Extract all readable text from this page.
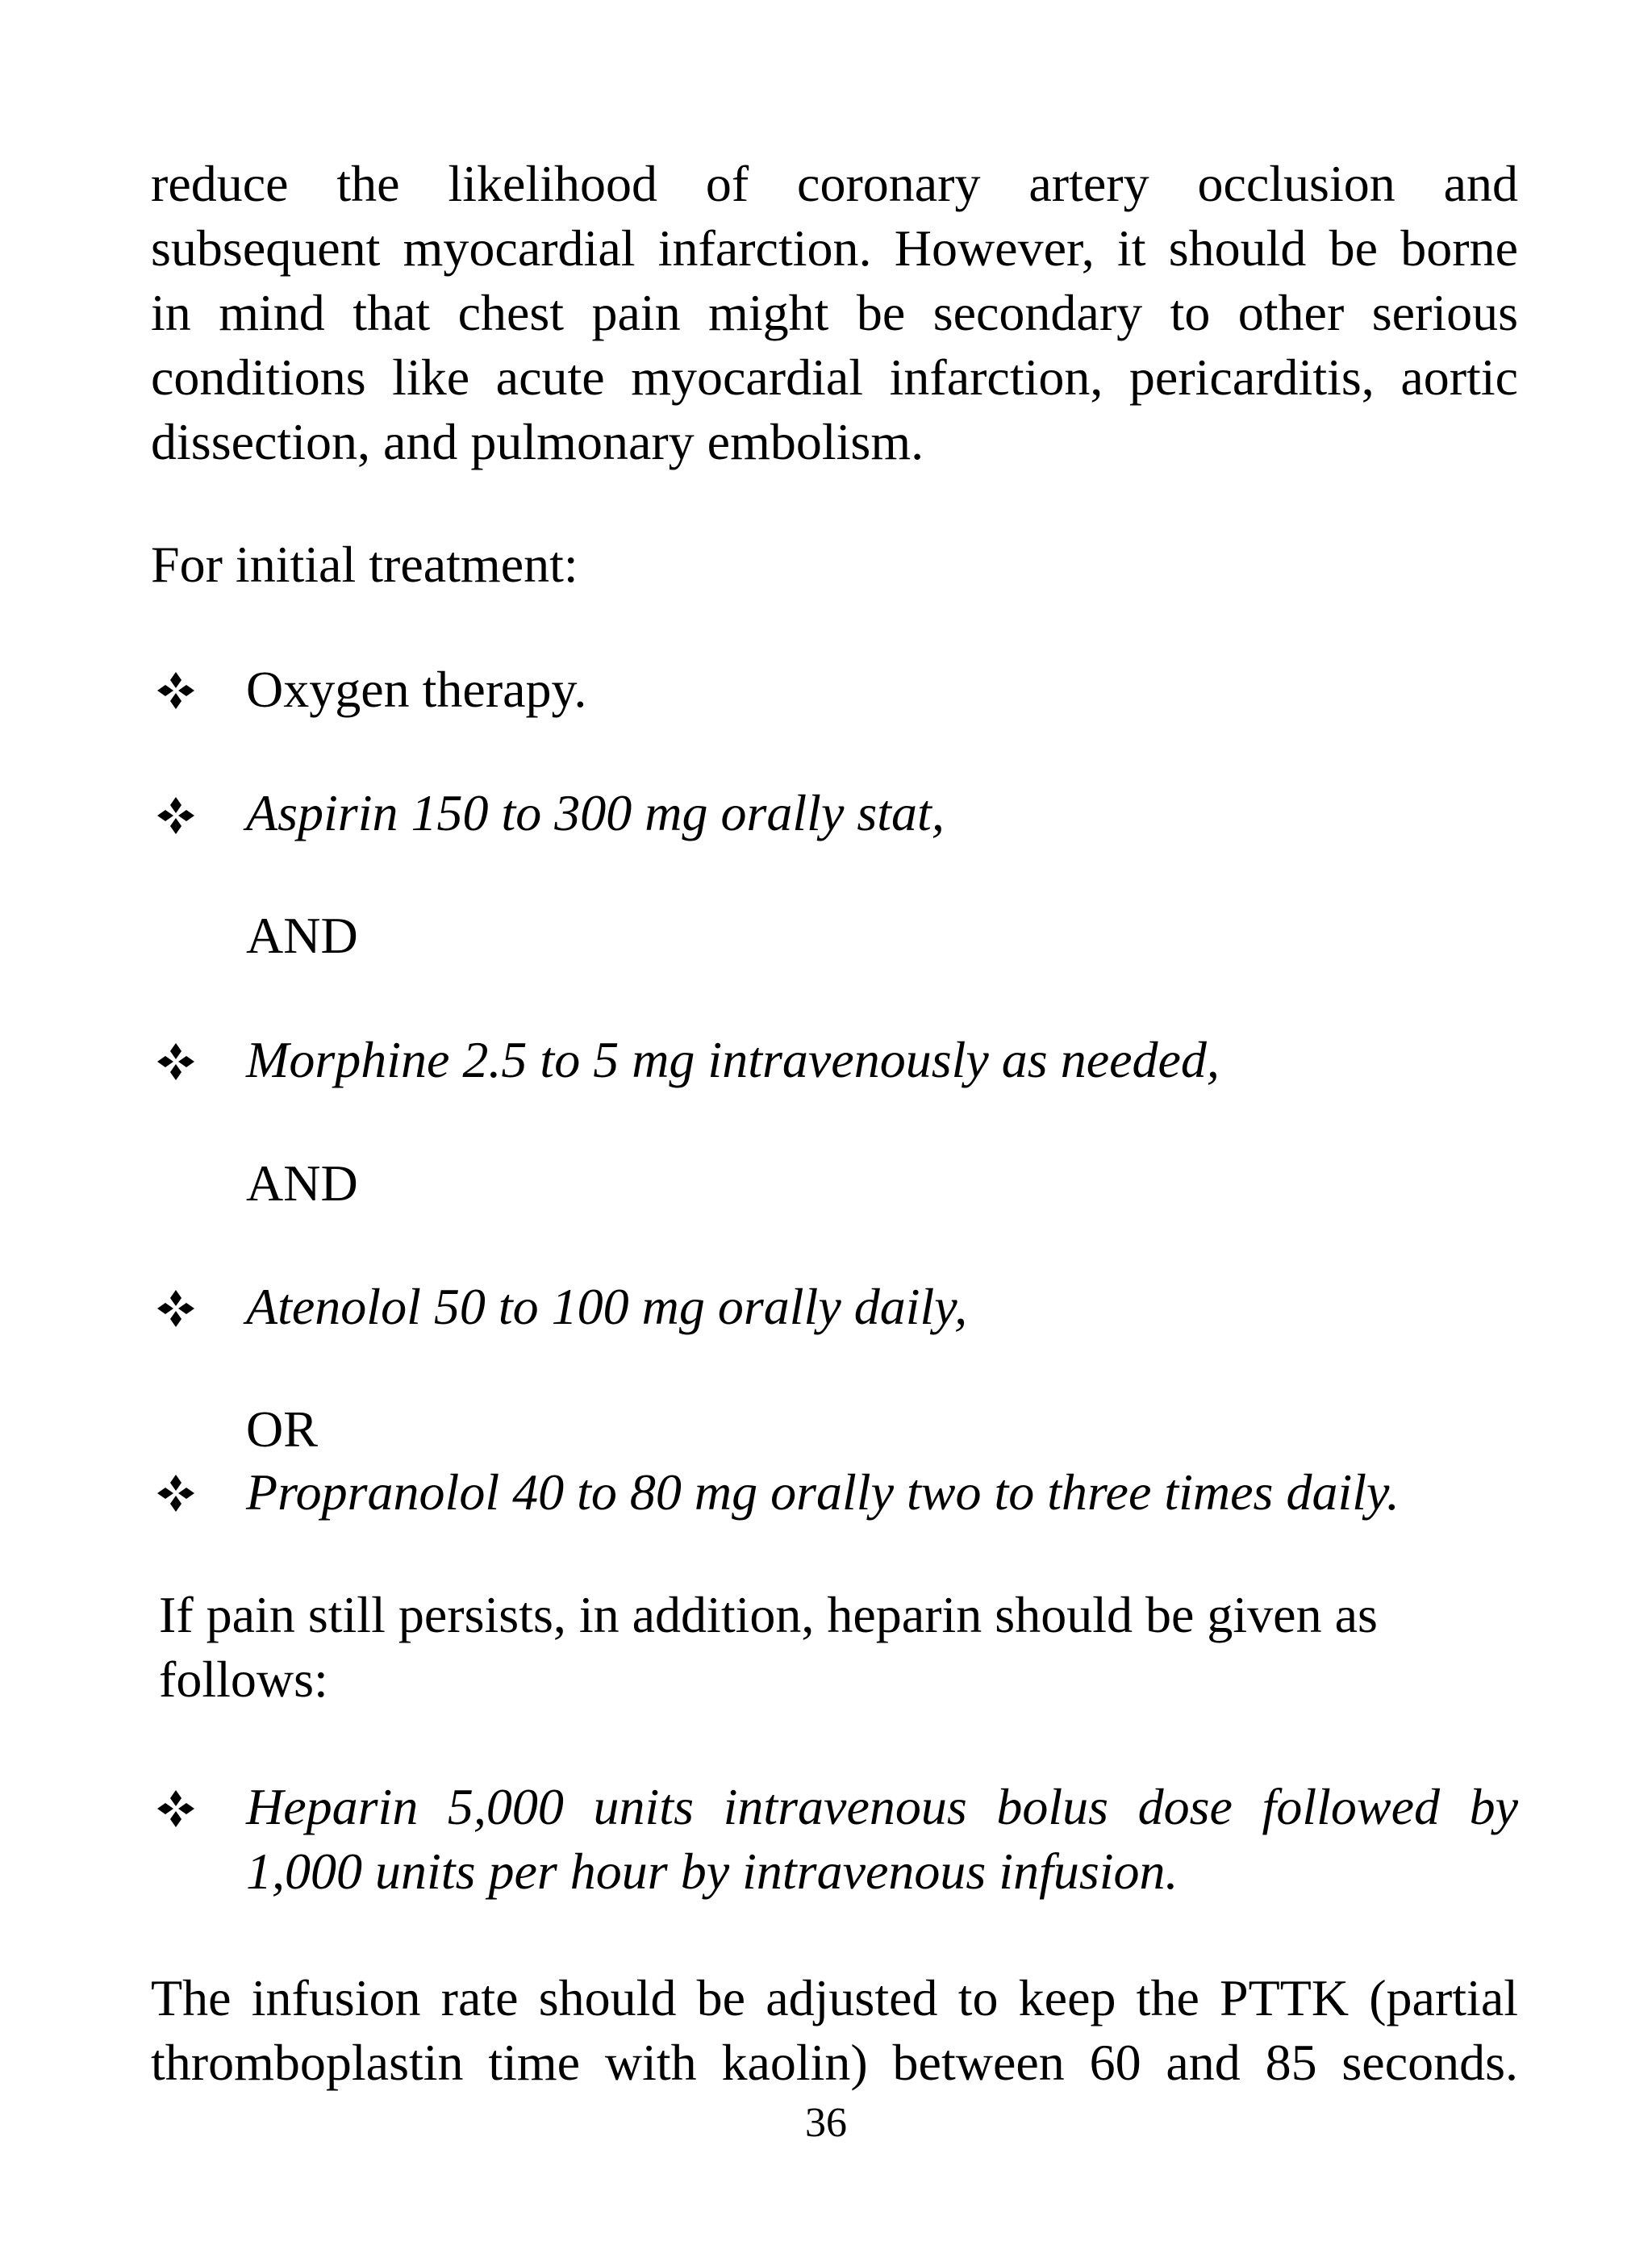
reduce the likelihood of coronary artery occlusion and
subsequent myocardial infarction. However, it should be borne
in mind that chest pain might be secondary to other serious
conditions like acute myocardial infarction, pericarditis, aortic
dissection, and pulmonary embolism.
For initial treatment:
Oxygen therapy.
Aspirin 150 to 300 mg orally stat,
AND
Morphine 2.5 to 5 mg intravenously as needed,
AND
Atenolol 50 to 100 mg orally daily,
OR
Propranolol 40 to 80 mg orally two to three times daily.
If pain still persists, in addition, heparin should be given as
follows:
Heparin 5,000 units intravenous bolus dose followed by
1,000 units per hour by intravenous infusion.
The infusion rate should be adjusted to keep the PTTK (partial
thromboplastin time with kaolin) between 60 and 85 seconds.
36
